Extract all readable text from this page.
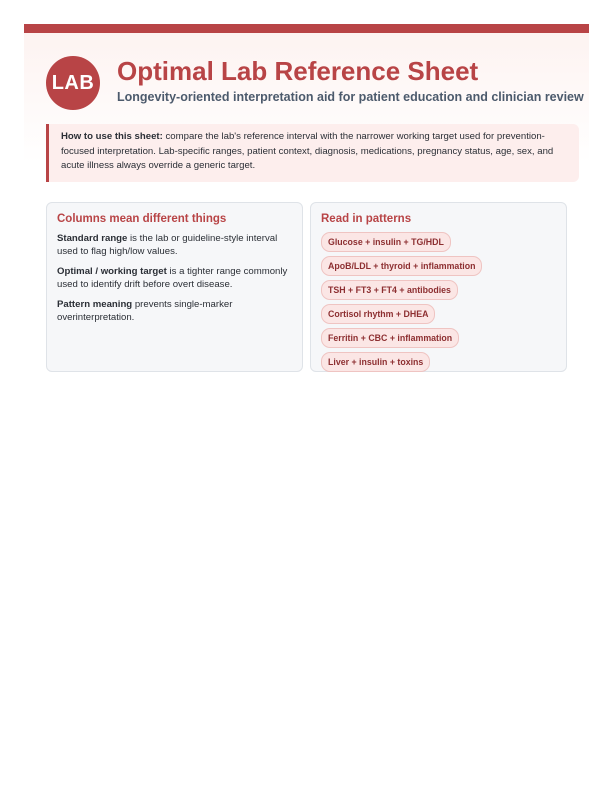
LAB Optimal Lab Reference Sheet
Longevity-oriented interpretation aid for patient education and clinician review
How to use this sheet: compare the lab's reference interval with the narrower working target used for prevention-focused interpretation. Lab-specific ranges, patient context, diagnosis, medications, pregnancy status, age, sex, and acute illness always override a generic target.
Columns mean different things

Standard range is the lab or guideline-style interval used to flag high/low values.

Optimal / working target is a tighter range commonly used to identify drift before overt disease.

Pattern meaning prevents single-marker overinterpretation.

Read in patterns
Glucose + insulin + TG/HDL
ApoB/LDL + thyroid + inflammation
TSH + FT3 + FT4 + antibodies
Cortisol rhythm + DHEA
Ferritin + CBC + inflammation
Liver + insulin + toxins
